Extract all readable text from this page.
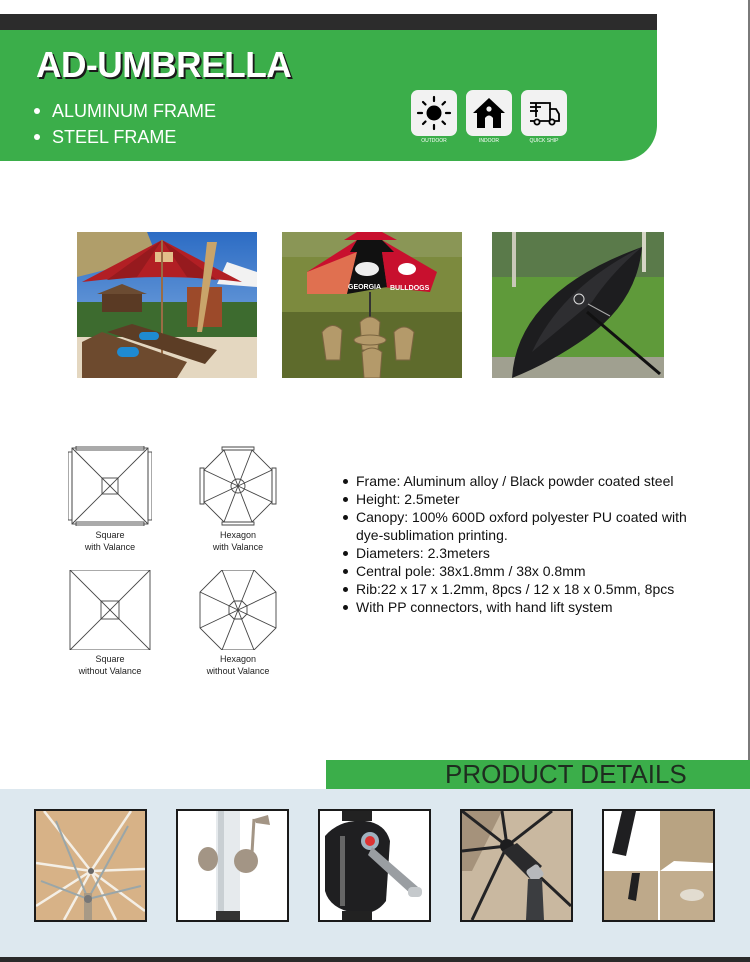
AD-UMBRELLA
ALUMINUM FRAME
STEEL FRAME	OUTDOOR	INDOOR	QUICK SHIP
GEORGIA BULLDOGS
Square
with Valance
Hexagon
with Valance
Square
without Valance
Hexagon
without Valance
Frame: Aluminum alloy / Black powder coated steel
Height: 2.5meter
Canopy: 100% 600D oxford polyester PU coated with dye-sublimation printing.
Diameters: 2.3meters
Central pole: 38x1.8mm / 38x 0.8mm
Rib:22 x 17 x 1.2mm, 8pcs / 12 x 18 x 0.5mm, 8pcs
With PP connectors, with hand lift system
PRODUCT DETAILS
